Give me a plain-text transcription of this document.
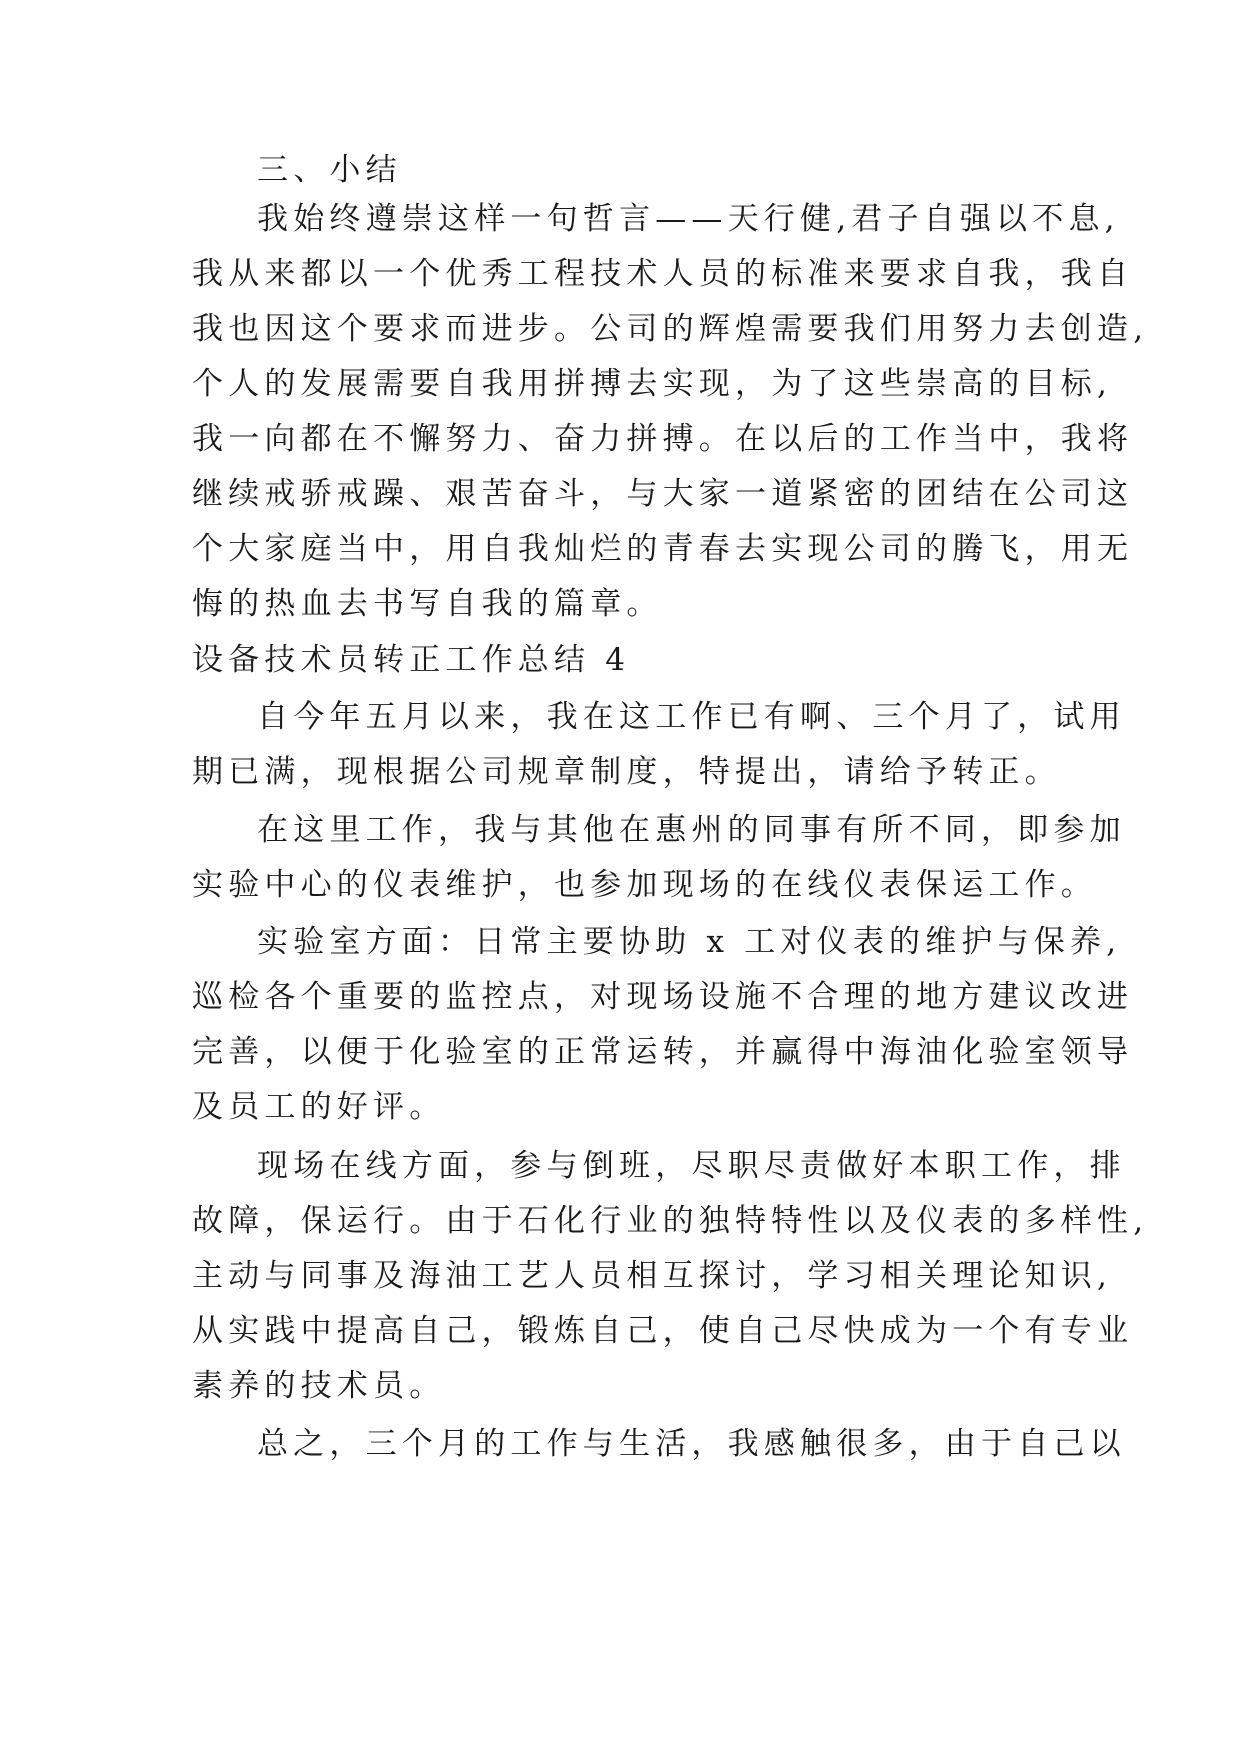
三、小结

我始终遵崇这样一句哲言——天行健,君子自强以不息,

我从来都以一个优秀工程技术人员的标准来要求自我，我自

我也因这个要求而进步。公司的辉煌需要我们用努力去创造,

个人的发展需要自我用拼搏去实现，为了这些崇高的目标,

我一向都在不懈努力、奋力拼搏。在以后的工作当中，我将

继续戒骄戒躁、艰苦奋斗，与大家一道紧密的团结在公司这

个大家庭当中，用自我灿烂的青春去实现公司的腾飞，用无

悔的热血去书写自我的篇章。

设备技术员转正工作总结 4

自今年五月以来，我在这工作已有啊、三个月了，试用

期已满，现根据公司规章制度，特提出，请给予转正。

在这里工作，我与其他在惠州的同事有所不同，即参加

实验中心的仪表维护，也参加现场的在线仪表保运工作。

实验室方面：日常主要协助 x 工对仪表的维护与保养,

巡检各个重要的监控点，对现场设施不合理的地方建议改进

完善，以便于化验室的正常运转，并赢得中海油化验室领导

及员工的好评。

现场在线方面，参与倒班，尽职尽责做好本职工作，排

故障，保运行。由于石化行业的独特特性以及仪表的多样性,

主动与同事及海油工艺人员相互探讨，学习相关理论知识,

从实践中提高自己，锻炼自己，使自己尽快成为一个有专业

素养的技术员。

总之，三个月的工作与生活，我感触很多，由于自己以
